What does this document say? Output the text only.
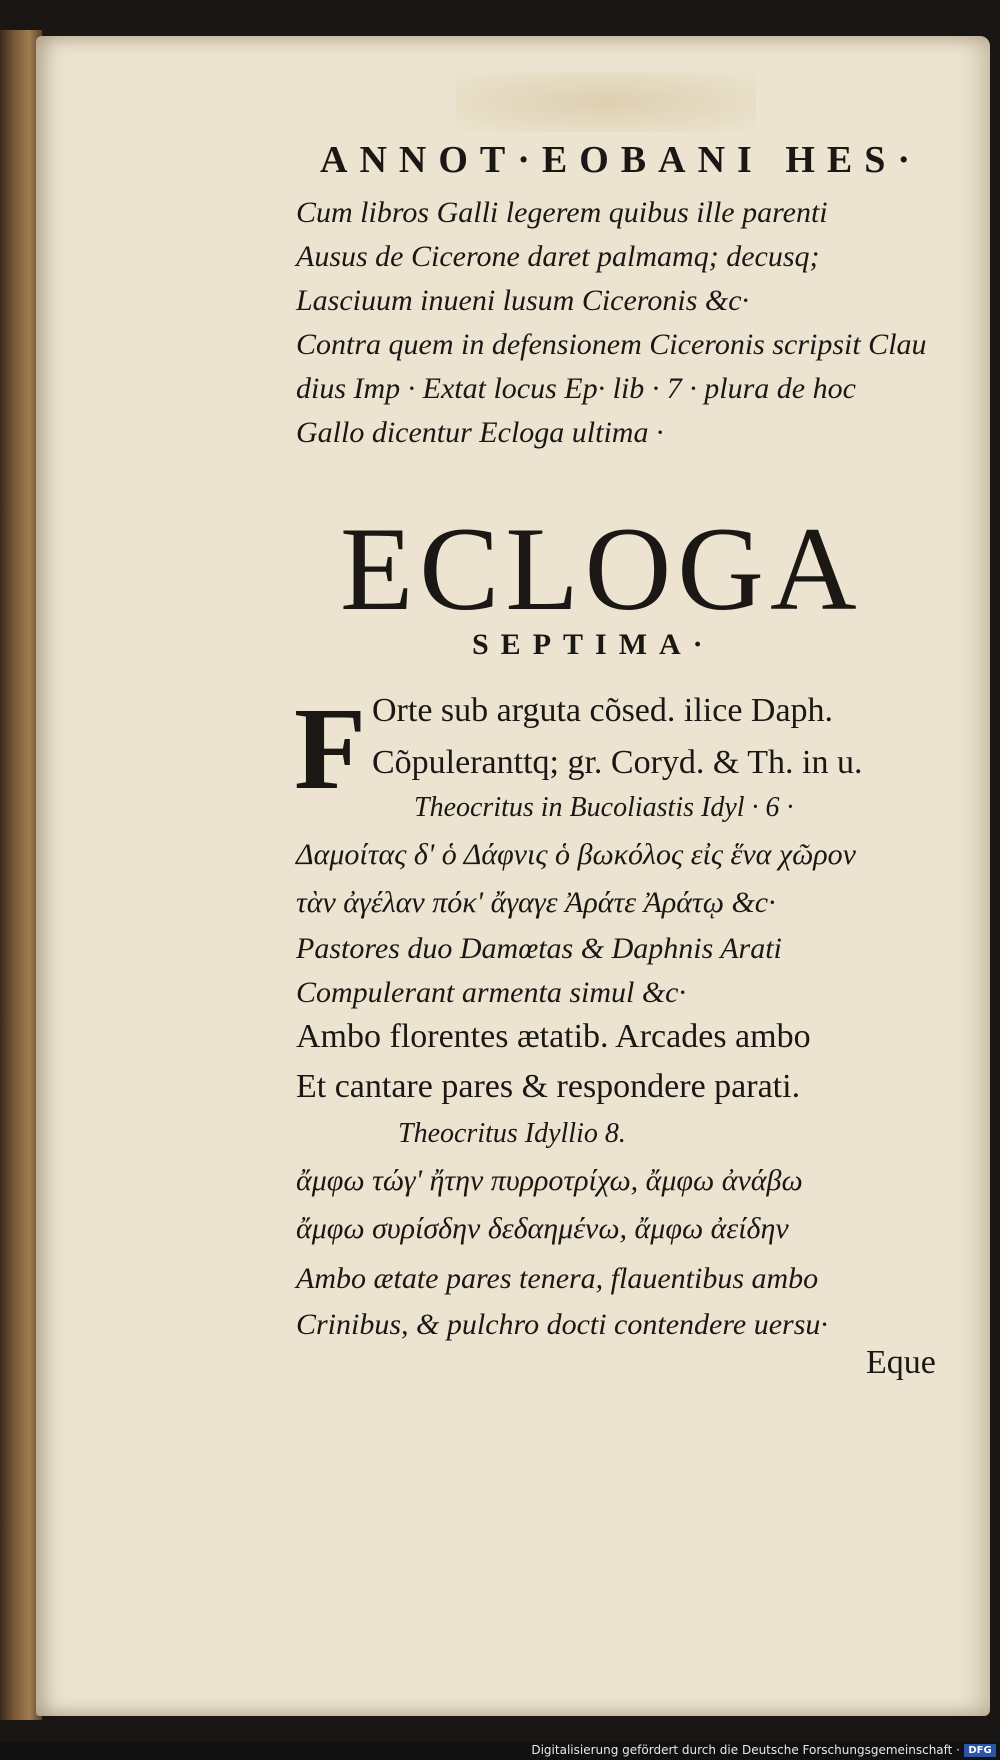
ANNOT·EOBANI HES·
Cum libros Galli legerem quibus ille parenti
Ausus de Cicerone daret palmamq; decusq;
Lasciuum inueni lusum Ciceronis &c·
Contra quem in defensionem Ciceronis scripsit Clau
dius Imp · Extat locus Ep· lib · 7 · plura de hoc
Gallo dicentur Ecloga ultima ·
ECLOGA
SEPTIMA·
F Orte sub arguta cõsed. ilice Daph.
Cõpuleranttq; gr. Coryd. & Th. in u.
Theocritus in Bucoliastis Idyl · 6 ·
Δαμοίτας δ' ὁ Δάφνις ὁ βωκόλος εἰς ἕνα χῶρον
τὰν ἀγέλαν πόκ' ἄγαγε Ἀράτε Ἀράτῳ &c·
Pastores duo Damœtas & Daphnis Arati
Compulerant armenta simul &c·
Ambo florentes ætatib. Arcades ambo
Et cantare pares & respondere parati.
Theocritus Idyllio 8.
ἄμφω τώγ' ἤτην πυρροτρίχω, ἄμφω ἀνάβω
ἄμφω συρίσδην δεδαημένω, ἄμφω ἀείδην
Ambo ætate pares tenera, flauentibus ambo
Crinibus, & pulchro docti contendere uersu·
Eque
Digitalisierung gefördert durch die Deutsche Forschungsgemeinschaft · DFG
